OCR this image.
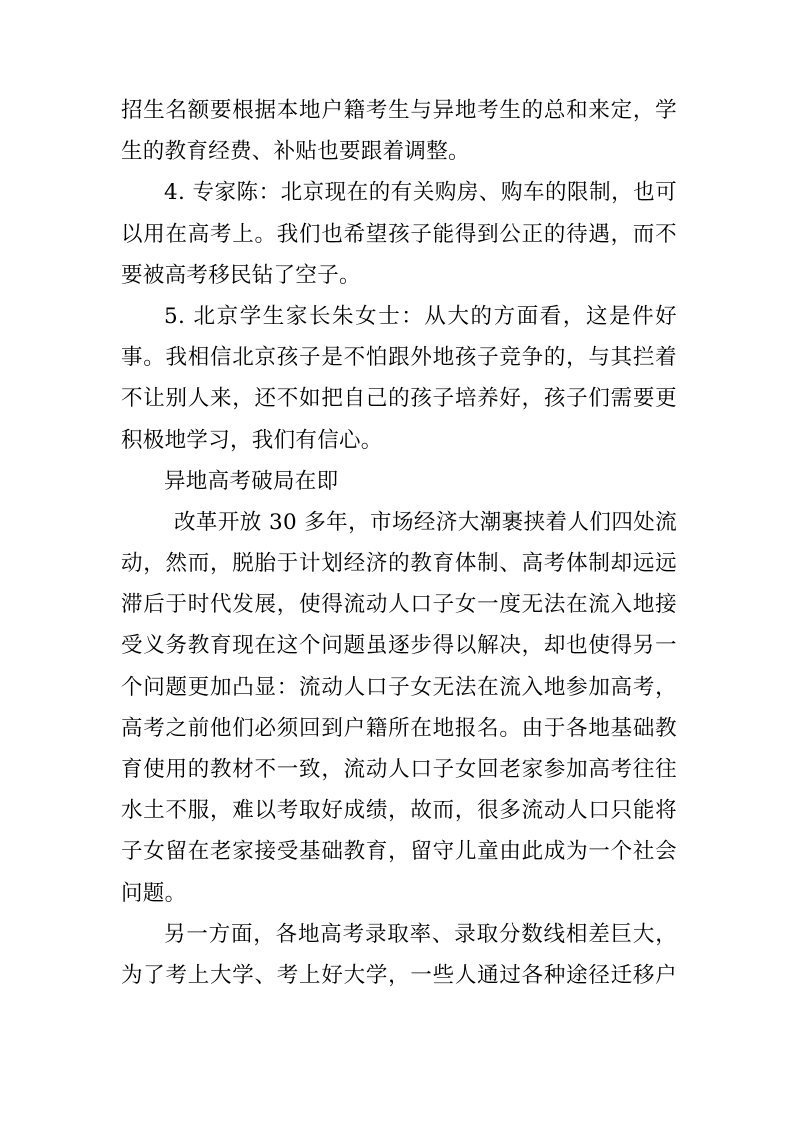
招生名额要根据本地户籍考生与异地考生的总和来定，学
生的教育经费、补贴也要跟着调整。
4. 专家陈：北京现在的有关购房、购车的限制，也可
以用在高考上。我们也希望孩子能得到公正的待遇，而不
要被高考移民钻了空子。
5. 北京学生家长朱女士：从大的方面看，这是件好
事。我相信北京孩子是不怕跟外地孩子竞争的，与其拦着
不让别人来，还不如把自己的孩子培养好，孩子们需要更
积极地学习，我们有信心。
异地高考破局在即
改革开放 30 多年，市场经济大潮裹挟着人们四处流
动，然而，脱胎于计划经济的教育体制、高考体制却远远
滞后于时代发展，使得流动人口子女一度无法在流入地接
受义务教育现在这个问题虽逐步得以解决，却也使得另一
个问题更加凸显：流动人口子女无法在流入地参加高考，
高考之前他们必须回到户籍所在地报名。由于各地基础教
育使用的教材不一致，流动人口子女回老家参加高考往往
水土不服，难以考取好成绩，故而，很多流动人口只能将
子女留在老家接受基础教育，留守儿童由此成为一个社会
问题。
另一方面，各地高考录取率、录取分数线相差巨大，
为了考上大学、考上好大学，一些人通过各种途径迁移户
